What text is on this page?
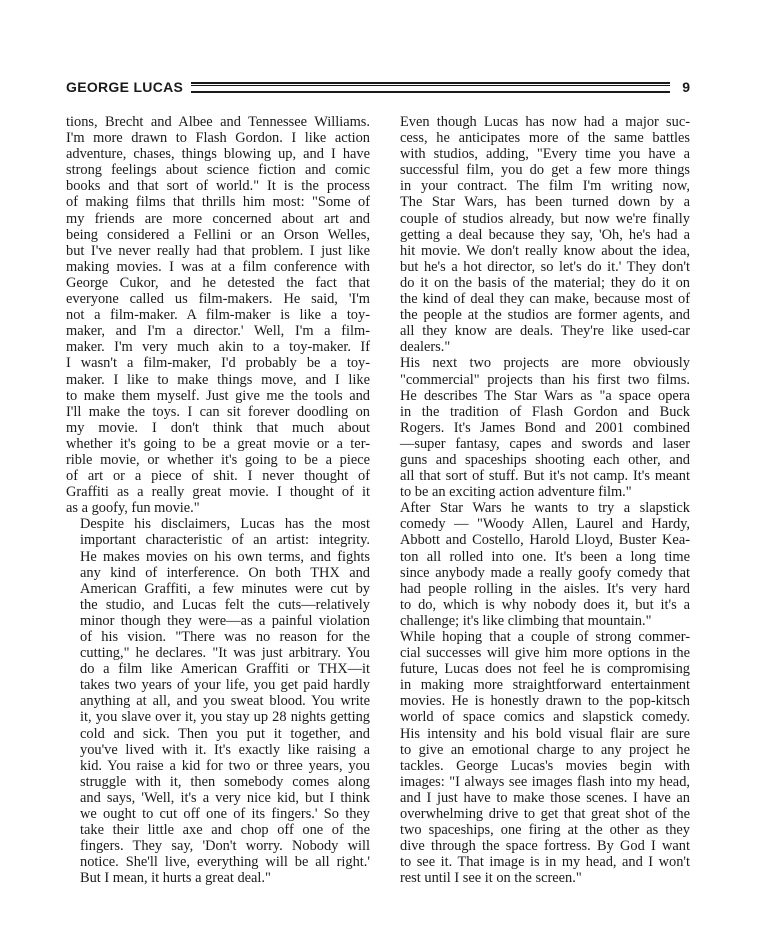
GEORGE LUCAS	9

tions, Brecht and Albee and Tennessee Williams.
I'm more drawn to Flash Gordon. I like action
adventure, chases, things blowing up, and I have
strong feelings about science fiction and comic
books and that sort of world." It is the process
of making films that thrills him most: "Some of
my friends are more concerned about art and
being considered a Fellini or an Orson Welles,
but I've never really had that problem. I just like
making movies. I was at a film conference with
George Cukor, and he detested the fact that
everyone called us film-makers. He said, 'I'm
not a film-maker. A film-maker is like a toy-
maker, and I'm a director.' Well, I'm a film-
maker. I'm very much akin to a toy-maker. If
I wasn't a film-maker, I'd probably be a toy-
maker. I like to make things move, and I like
to make them myself. Just give me the tools and
I'll make the toys. I can sit forever doodling on
my movie. I don't think that much about
whether it's going to be a great movie or a ter-
rible movie, or whether it's going to be a piece
of art or a piece of shit. I never thought of
Graffiti as a really great movie. I thought of it
as a goofy, fun movie."

Despite his disclaimers, Lucas has the most
important characteristic of an artist: integrity.
He makes movies on his own terms, and fights
any kind of interference. On both THX and
American Graffiti, a few minutes were cut by
the studio, and Lucas felt the cuts—relatively
minor though they were—as a painful violation
of his vision. "There was no reason for the
cutting," he declares. "It was just arbitrary. You
do a film like American Graffiti or THX—it
takes two years of your life, you get paid hardly
anything at all, and you sweat blood. You write
it, you slave over it, you stay up 28 nights getting
cold and sick. Then you put it together, and
you've lived with it. It's exactly like raising a
kid. You raise a kid for two or three years, you
struggle with it, then somebody comes along
and says, 'Well, it's a very nice kid, but I think
we ought to cut off one of its fingers.' So they
take their little axe and chop off one of the
fingers. They say, 'Don't worry. Nobody will
notice. She'll live, everything will be all right.'
But I mean, it hurts a great deal."

Even though Lucas has now had a major suc-
cess, he anticipates more of the same battles
with studios, adding, "Every time you have a
successful film, you do get a few more things
in your contract. The film I'm writing now,
The Star Wars, has been turned down by a
couple of studios already, but now we're finally
getting a deal because they say, 'Oh, he's had a
hit movie. We don't really know about the idea,
but he's a hot director, so let's do it.' They don't
do it on the basis of the material; they do it on
the kind of deal they can make, because most of
the people at the studios are former agents, and
all they know are deals. They're like used-car
dealers."

His next two projects are more obviously
"commercial" projects than his first two films.
He describes The Star Wars as "a space opera
in the tradition of Flash Gordon and Buck
Rogers. It's James Bond and 2001 combined
—super fantasy, capes and swords and laser
guns and spaceships shooting each other, and
all that sort of stuff. But it's not camp. It's meant
to be an exciting action adventure film."

After Star Wars he wants to try a slapstick
comedy — "Woody Allen, Laurel and Hardy,
Abbott and Costello, Harold Lloyd, Buster Kea-
ton all rolled into one. It's been a long time
since anybody made a really goofy comedy that
had people rolling in the aisles. It's very hard
to do, which is why nobody does it, but it's a
challenge; it's like climbing that mountain."

While hoping that a couple of strong commer-
cial successes will give him more options in the
future, Lucas does not feel he is compromising
in making more straightforward entertainment
movies. He is honestly drawn to the pop-kitsch
world of space comics and slapstick comedy.
His intensity and his bold visual flair are sure
to give an emotional charge to any project he
tackles. George Lucas's movies begin with
images: "I always see images flash into my head,
and I just have to make those scenes. I have an
overwhelming drive to get that great shot of the
two spaceships, one firing at the other as they
dive through the space fortress. By God I want
to see it. That image is in my head, and I won't
rest until I see it on the screen."
